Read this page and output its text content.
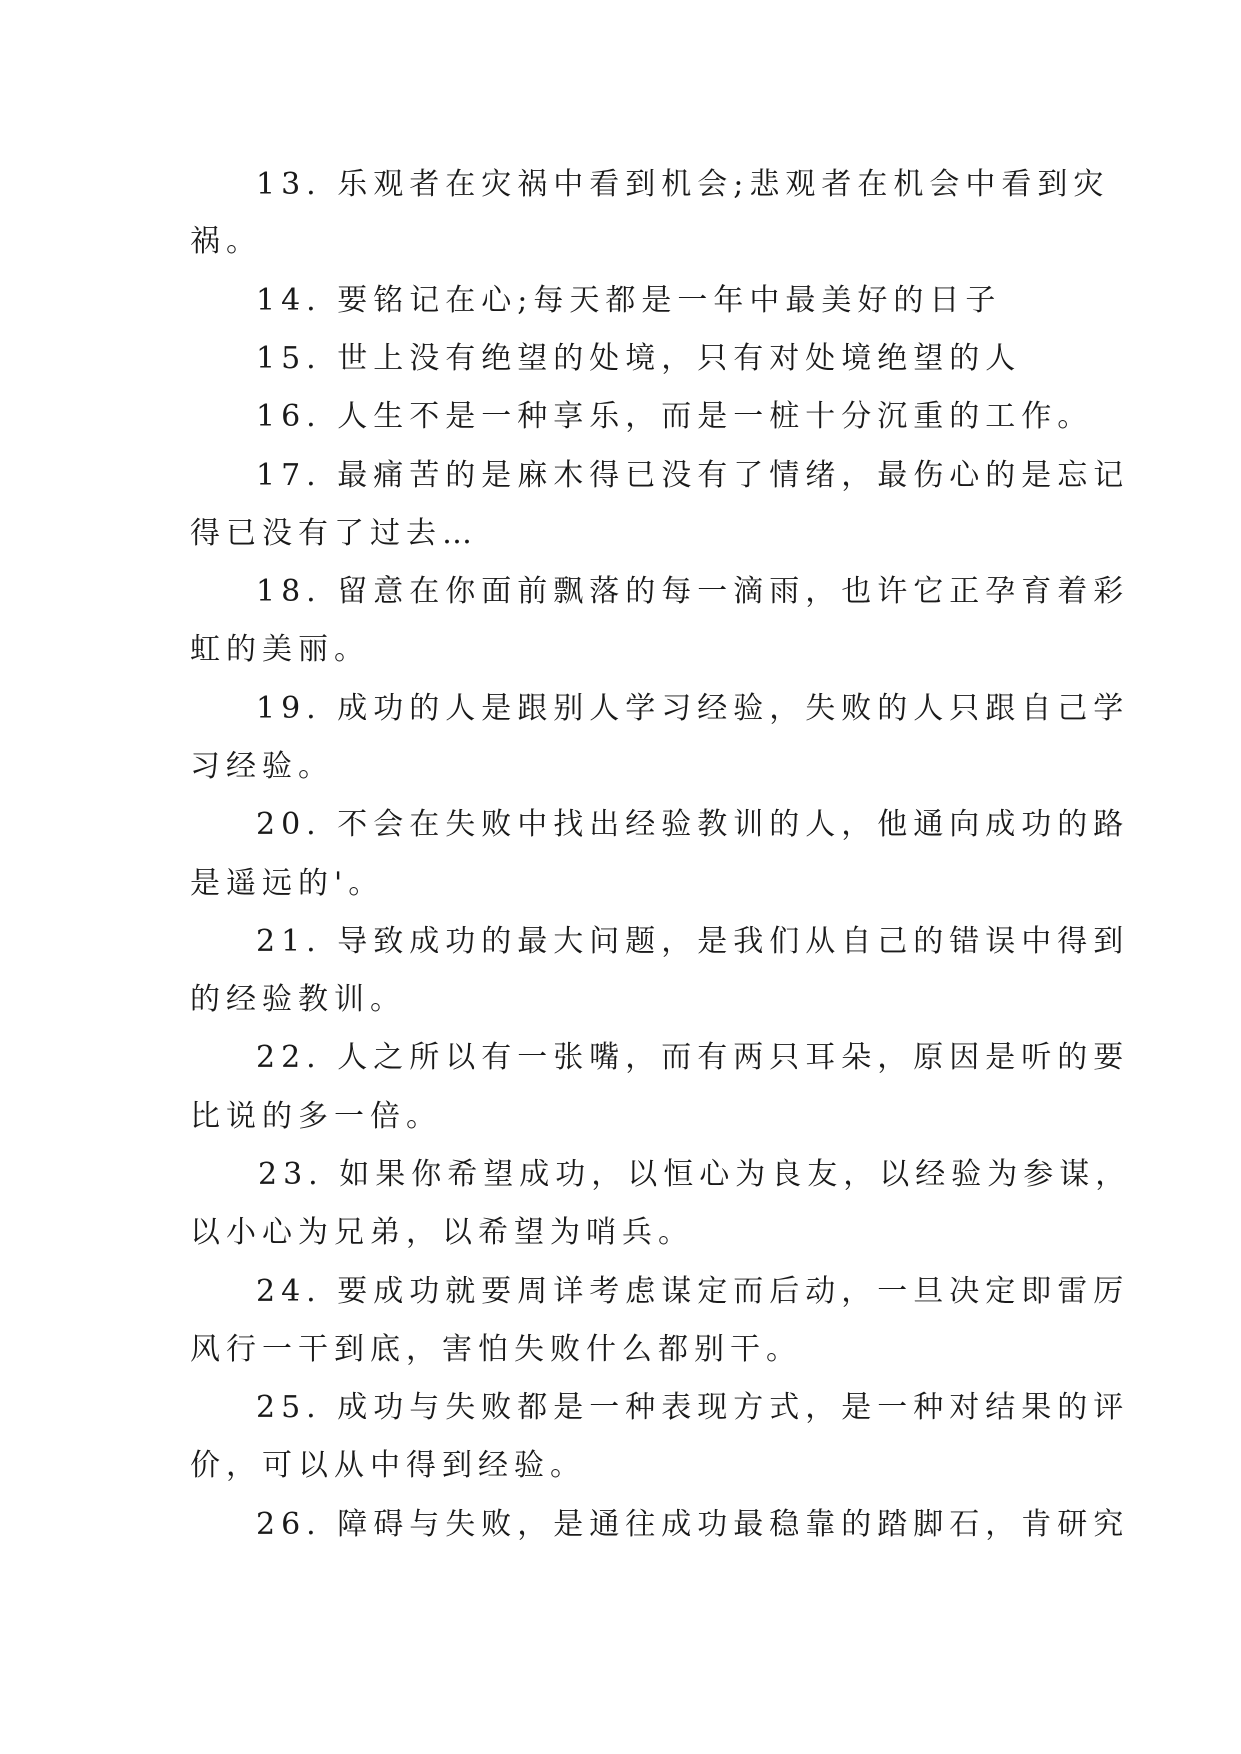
13. 乐观者在灾祸中看到机会;悲观者在机会中看到灾
祸。
14. 要铭记在心;每天都是一年中最美好的日子
15. 世上没有绝望的处境，只有对处境绝望的人
16. 人生不是一种享乐，而是一桩十分沉重的工作。
17. 最痛苦的是麻木得已没有了情绪，最伤心的是忘记
得已没有了过去…
18. 留意在你面前飘落的每一滴雨，也许它正孕育着彩
虹的美丽。
19. 成功的人是跟别人学习经验，失败的人只跟自己学
习经验。
20. 不会在失败中找出经验教训的人，他通向成功的路
是遥远的'。
21. 导致成功的最大问题，是我们从自己的错误中得到
的经验教训。
22. 人之所以有一张嘴，而有两只耳朵，原因是听的要
比说的多一倍。
23. 如果你希望成功，以恒心为良友，以经验为参谋，
以小心为兄弟，以希望为哨兵。
24. 要成功就要周详考虑谋定而后动，一旦决定即雷厉
风行一干到底，害怕失败什么都别干。
25. 成功与失败都是一种表现方式，是一种对结果的评
价，可以从中得到经验。
26. 障碍与失败，是通往成功最稳靠的踏脚石，肯研究
